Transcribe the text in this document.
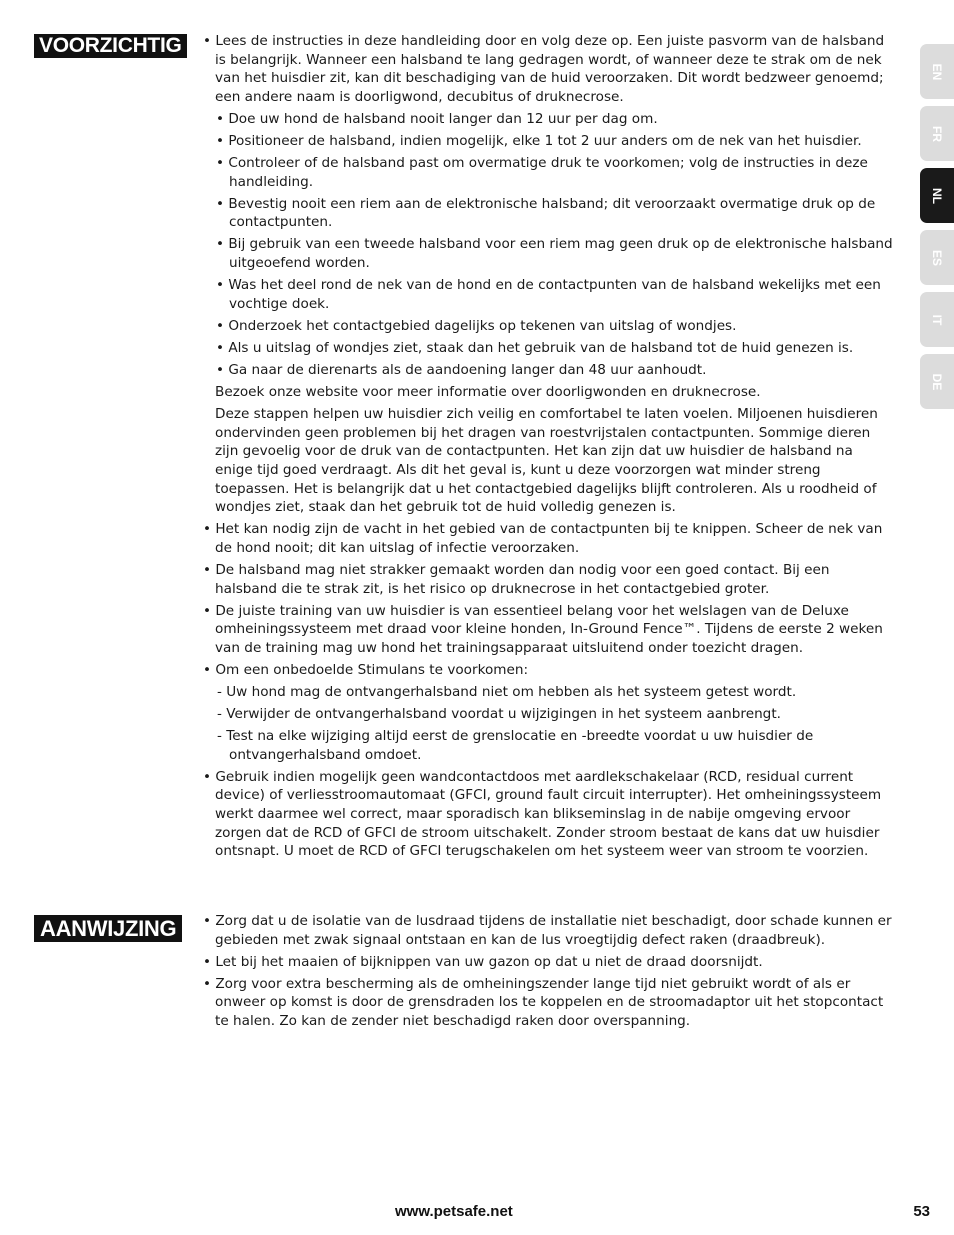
VOORZICHTIG	• Lees de instructies in deze handleiding door en volg deze op. Een juiste pasvorm van de halsband is belangrijk. Wanneer een halsband te lang gedragen wordt, of wanneer deze te strak om de nek van het huisdier zit, kan dit beschadiging van de huid veroorzaken. Dit wordt bedzweer genoemd; een andere naam is doorligwond, decubitus of druknecrose.

• Doe uw hond de halsband nooit langer dan 12 uur per dag om.

• Positioneer de halsband, indien mogelijk, elke 1 tot 2 uur anders om de nek van het huisdier.

• Controleer of de halsband past om overmatige druk te voorkomen; volg de instructies in deze handleiding.

• Bevestig nooit een riem aan de elektronische halsband; dit veroorzaakt overmatige druk op de contactpunten.

• Bij gebruik van een tweede halsband voor een riem mag geen druk op de elektronische halsband uitgeoefend worden.

• Was het deel rond de nek van de hond en de contactpunten van de halsband wekelijks met een vochtige doek.

• Onderzoek het contactgebied dagelijks op tekenen van uitslag of wondjes.

• Als u uitslag of wondjes ziet, staak dan het gebruik van de halsband tot de huid genezen is.

• Ga naar de dierenarts als de aandoening langer dan 48 uur aanhoudt.

Bezoek onze website voor meer informatie over doorligwonden en druknecrose.

Deze stappen helpen uw huisdier zich veilig en comfortabel te laten voelen. Miljoenen huisdieren ondervinden geen problemen bij het dragen van roestvrijstalen contactpunten. Sommige dieren zijn gevoelig voor de druk van de contactpunten. Het kan zijn dat uw huisdier de halsband na enige tijd goed verdraagt. Als dit het geval is, kunt u deze voorzorgen wat minder streng toepassen. Het is belangrijk dat u het contactgebied dagelijks blijft controleren. Als u roodheid of wondjes ziet, staak dan het gebruik tot de huid volledig genezen is.

• Het kan nodig zijn de vacht in het gebied van de contactpunten bij te knippen. Scheer de nek van de hond nooit; dit kan uitslag of infectie veroorzaken.

• De halsband mag niet strakker gemaakt worden dan nodig voor een goed contact. Bij een halsband die te strak zit, is het risico op druknecrose in het contactgebied groter.

• De juiste training van uw huisdier is van essentieel belang voor het welslagen van de Deluxe omheiningssysteem met draad voor kleine honden, In-Ground Fence™. Tijdens de eerste 2 weken van de training mag uw hond het trainingsapparaat uitsluitend onder toezicht dragen.

• Om een onbedoelde Stimulans te voorkomen:

- Uw hond mag de ontvangerhalsband niet om hebben als het systeem getest wordt.

- Verwijder de ontvangerhalsband voordat u wijzigingen in het systeem aanbrengt.

- Test na elke wijziging altijd eerst de grenslocatie en -breedte voordat u uw huisdier de ontvangerhalsband omdoet.

• Gebruik indien mogelijk geen wandcontactdoos met aardlekschakelaar (RCD, residual current device) of verliesstroomautomaat (GFCI, ground fault circuit interrupter). Het omheiningssysteem werkt daarmee wel correct, maar sporadisch kan blikseminslag in de nabije omgeving ervoor zorgen dat de RCD of GFCI de stroom uitschakelt. Zonder stroom bestaat de kans dat uw huisdier ontsnapt. U moet de RCD of GFCI terugschakelen om het systeem weer van stroom te voorzien.

AANWIJZING	• Zorg dat u de isolatie van de lusdraad tijdens de installatie niet beschadigt, door schade kunnen er gebieden met zwak signaal ontstaan en kan de lus vroegtijdig defect raken (draadbreuk).

• Let bij het maaien of bijknippen van uw gazon op dat u niet de draad doorsnijdt.

• Zorg voor extra bescherming als de omheiningszender lange tijd niet gebruikt wordt of als er onweer op komst is door de grensdraden los te koppelen en de stroomadaptor uit het stopcontact te halen. Zo kan de zender niet beschadigd raken door overspanning.

EN
FR
NL
ES
IT
DE
www.petsafe.net	53
